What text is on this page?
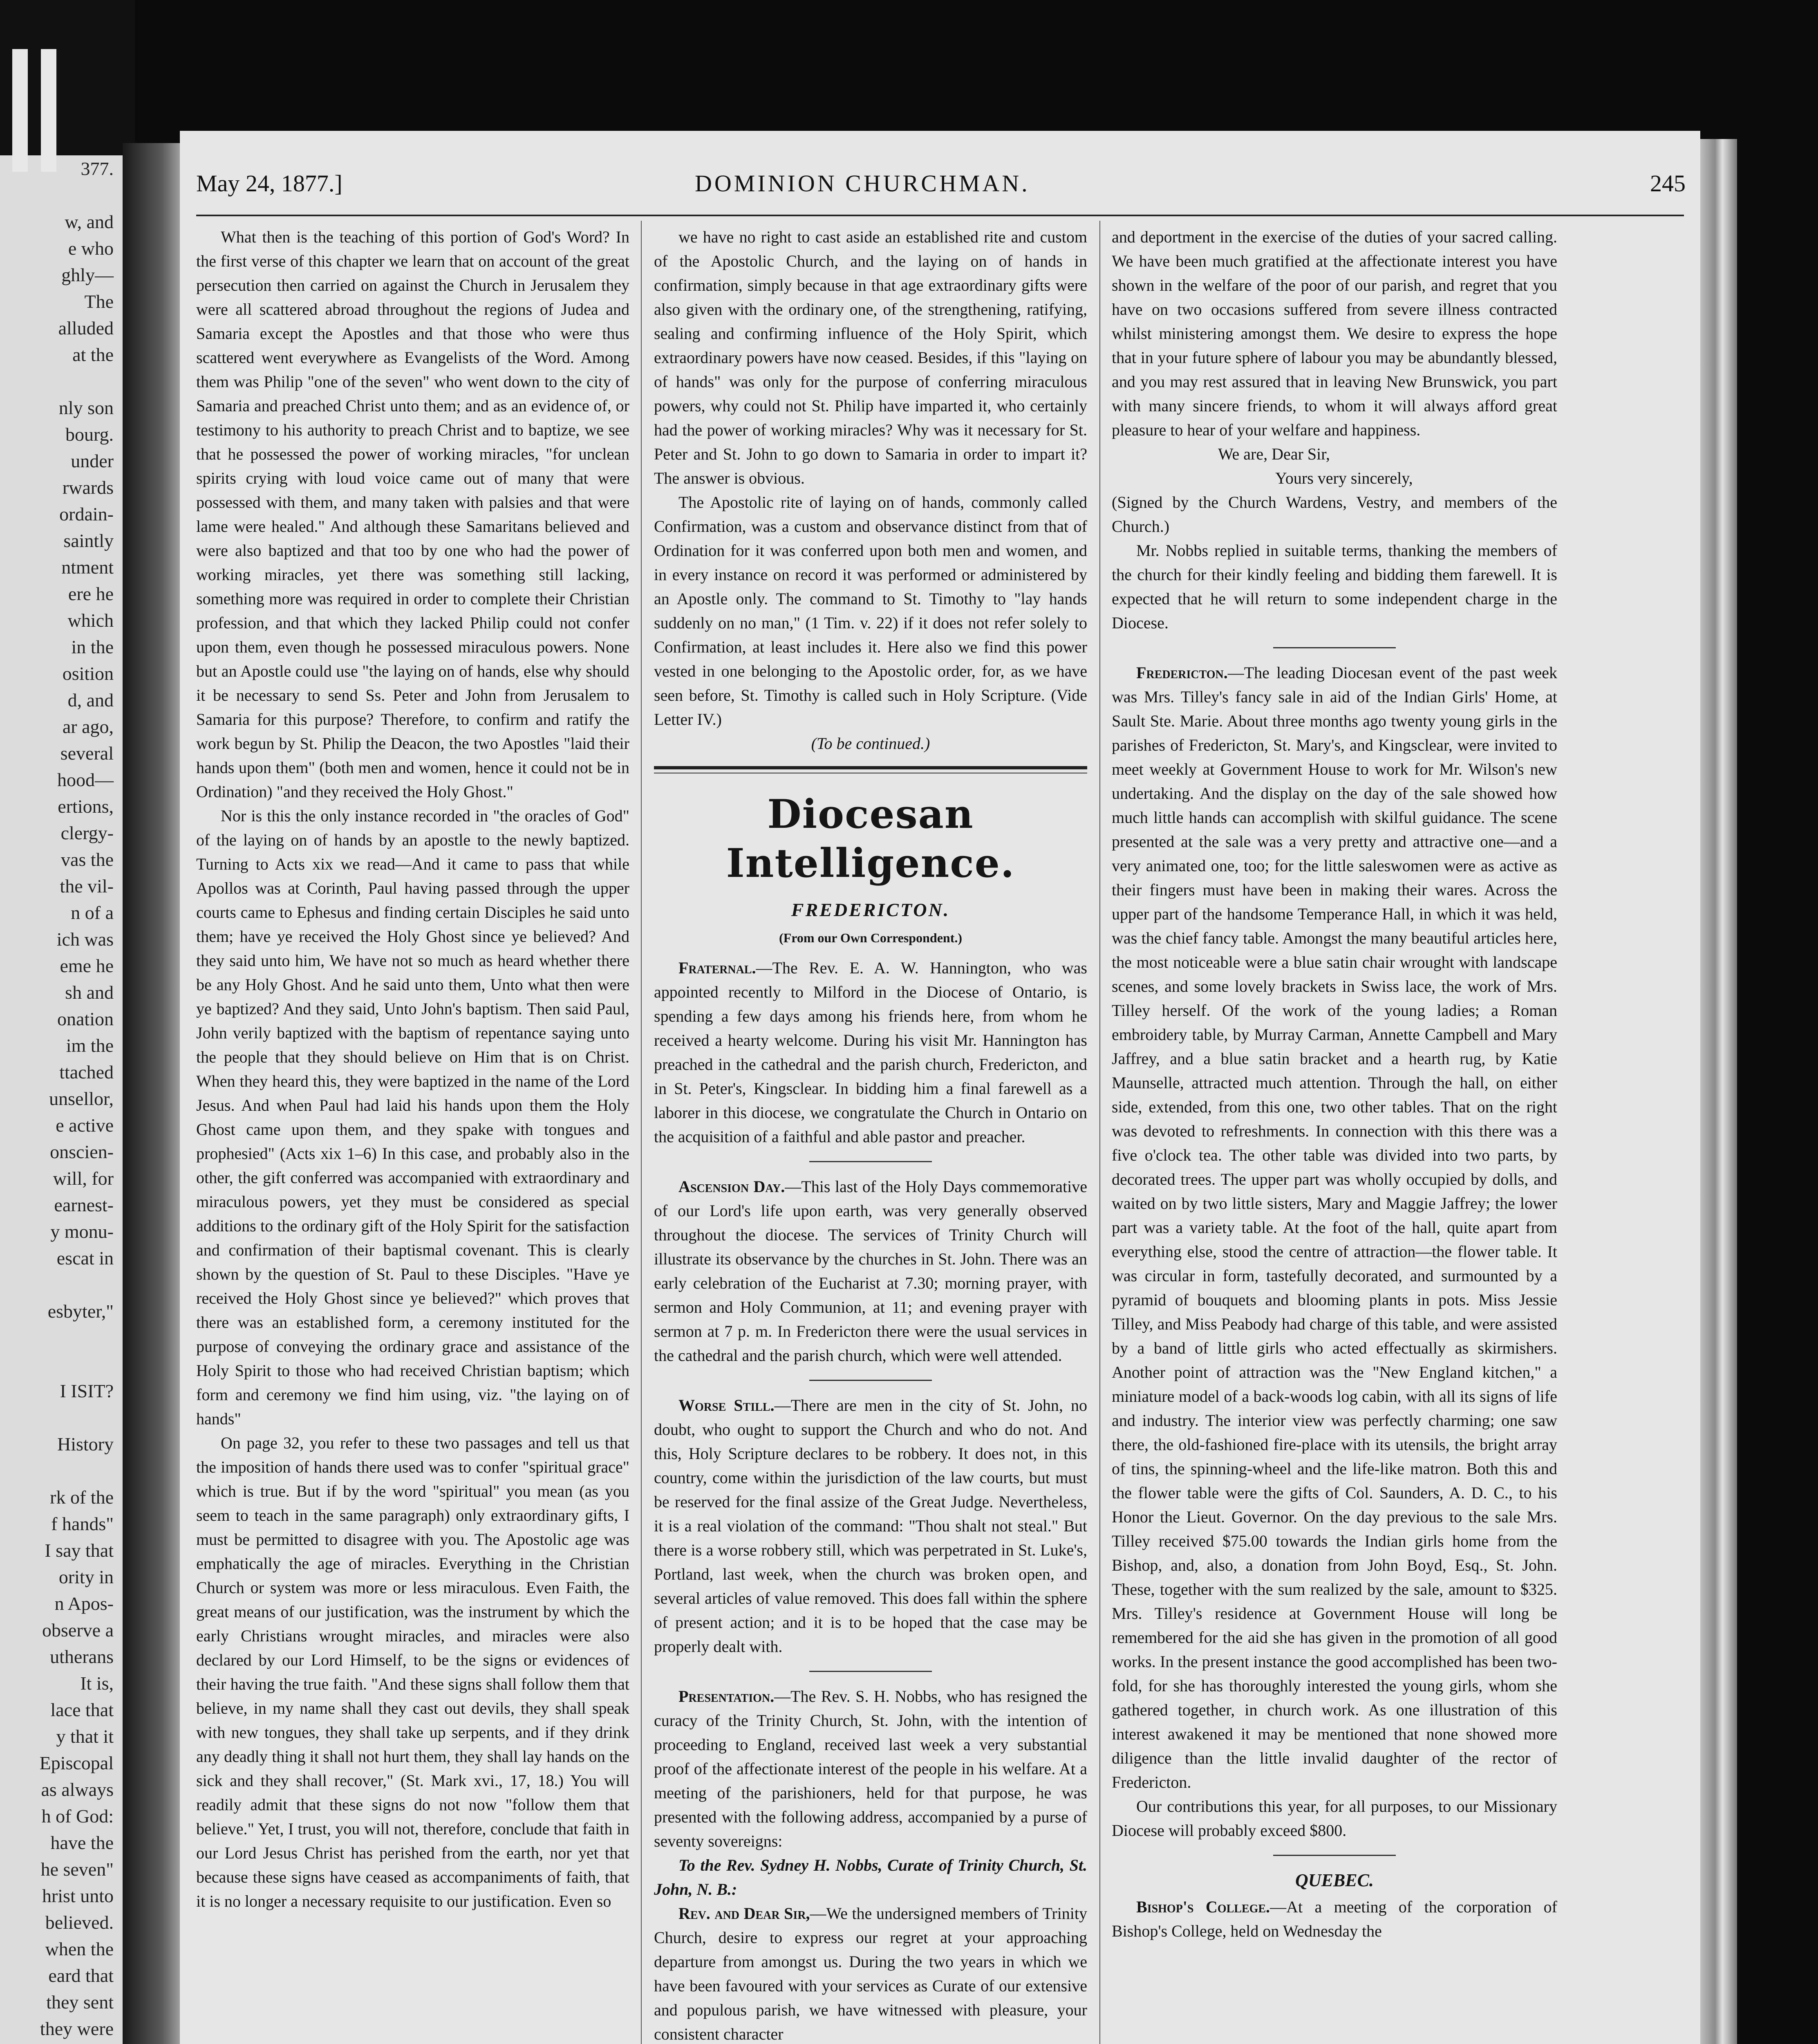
377.
w, and
e who
ghly—
The
alluded
at the
nly son
bourg.
under
rwards
ordain-
saintly
ntment
ere he
which
in the
osition
d, and
ar ago,
several
hood—
ertions,
clergy-
vas the
the vil-
n of a
ich was
eme he
sh and
onation
im the
ttached
unsellor,
e active
onscien-
will, for
earnest-
y monu-
escat in
esbyter,"
I ISIT?
History
rk of the
f hands"
I say that
ority in
n Apos-
observe a
utherans
It is,
lace that
y that it
Episcopal
as always
h of God:
have the
he seven"
hrist unto
believed.
when the
eard that
they sent
they were
May 24, 1877.]	DOMINION CHURCHMAN.	245

What then is the teaching of this portion of God's Word? In the first verse of this chapter we learn that on account of the great persecution then carried on against the Church in Jerusalem they were all scattered abroad throughout the regions of Judea and Samaria except the Apostles and that those who were thus scattered went everywhere as Evangelists of the Word. Among them was Philip "one of the seven" who went down to the city of Samaria and preached Christ unto them; and as an evidence of, or testimony to his authority to preach Christ and to baptize, we see that he possessed the power of working miracles, "for unclean spirits crying with loud voice came out of many that were possessed with them, and many taken with palsies and that were lame were healed." And although these Samaritans believed and were also baptized and that too by one who had the power of working miracles, yet there was something still lacking, something more was required in order to complete their Christian profession, and that which they lacked Philip could not confer upon them, even though he possessed miraculous powers. None but an Apostle could use "the laying on of hands, else why should it be necessary to send Ss. Peter and John from Jerusalem to Samaria for this purpose? Therefore, to confirm and ratify the work begun by St. Philip the Deacon, the two Apostles "laid their hands upon them" (both men and women, hence it could not be in Ordination) "and they received the Holy Ghost."

Nor is this the only instance recorded in "the oracles of God" of the laying on of hands by an apostle to the newly baptized. Turning to Acts xix we read—And it came to pass that while Apollos was at Corinth, Paul having passed through the upper courts came to Ephesus and finding certain Disciples he said unto them; have ye received the Holy Ghost since ye believed? And they said unto him, We have not so much as heard whether there be any Holy Ghost. And he said unto them, Unto what then were ye baptized? And they said, Unto John's baptism. Then said Paul, John verily baptized with the baptism of repentance saying unto the people that they should believe on Him that is on Christ. When they heard this, they were baptized in the name of the Lord Jesus. And when Paul had laid his hands upon them the Holy Ghost came upon them, and they spake with tongues and prophesied" (Acts xix 1–6) In this case, and probably also in the other, the gift conferred was accompanied with extraordinary and miraculous powers, yet they must be considered as special additions to the ordinary gift of the Holy Spirit for the satisfaction and confirmation of their baptismal covenant. This is clearly shown by the question of St. Paul to these Disciples. "Have ye received the Holy Ghost since ye believed?" which proves that there was an established form, a ceremony instituted for the purpose of conveying the ordinary grace and assistance of the Holy Spirit to those who had received Christian baptism; which form and ceremony we find him using, viz. "the laying on of hands"

On page 32, you refer to these two passages and tell us that the imposition of hands there used was to confer "spiritual grace" which is true. But if by the word "spiritual" you mean (as you seem to teach in the same paragraph) only extraordinary gifts, I must be permitted to disagree with you. The Apostolic age was emphatically the age of miracles. Everything in the Christian Church or system was more or less miraculous. Even Faith, the great means of our justification, was the instrument by which the early Christians wrought miracles, and miracles were also declared by our Lord Himself, to be the signs or evidences of their having the true faith. "And these signs shall follow them that believe, in my name shall they cast out devils, they shall speak with new tongues, they shall take up serpents, and if they drink any deadly thing it shall not hurt them, they shall lay hands on the sick and they shall recover," (St. Mark xvi., 17, 18.) You will readily admit that these signs do not now "follow them that believe." Yet, I trust, you will not, therefore, conclude that faith in our Lord Jesus Christ has perished from the earth, nor yet that because these signs have ceased as accompaniments of faith, that it is no longer a necessary requisite to our justification. Even so

we have no right to cast aside an established rite and custom of the Apostolic Church, and the laying on of hands in confirmation, simply because in that age extraordinary gifts were also given with the ordinary one, of the strengthening, ratifying, sealing and confirming influence of the Holy Spirit, which extraordinary powers have now ceased. Besides, if this "laying on of hands" was only for the purpose of conferring miraculous powers, why could not St. Philip have imparted it, who certainly had the power of working miracles? Why was it necessary for St. Peter and St. John to go down to Samaria in order to impart it? The answer is obvious.

The Apostolic rite of laying on of hands, commonly called Confirmation, was a custom and observance distinct from that of Ordination for it was conferred upon both men and women, and in every instance on record it was performed or administered by an Apostle only. The command to St. Timothy to "lay hands suddenly on no man," (1 Tim. v. 22) if it does not refer solely to Confirmation, at least includes it. Here also we find this power vested in one belonging to the Apostolic order, for, as we have seen before, St. Timothy is called such in Holy Scripture. (Vide Letter IV.)

(To be continued.)

Diocesan Intelligence.
FREDERICTON.
(From our Own Correspondent.)

Fraternal.—The Rev. E. A. W. Hannington, who was appointed recently to Milford in the Diocese of Ontario, is spending a few days among his friends here, from whom he received a hearty welcome. During his visit Mr. Hannington has preached in the cathedral and the parish church, Fredericton, and in St. Peter's, Kingsclear. In bidding him a final farewell as a laborer in this diocese, we congratulate the Church in Ontario on the acquisition of a faithful and able pastor and preacher.

Ascension Day.—This last of the Holy Days commemorative of our Lord's life upon earth, was very generally observed throughout the diocese. The services of Trinity Church will illustrate its observance by the churches in St. John. There was an early celebration of the Eucharist at 7.30; morning prayer, with sermon and Holy Communion, at 11; and evening prayer with sermon at 7 p. m. In Fredericton there were the usual services in the cathedral and the parish church, which were well attended.

Worse Still.—There are men in the city of St. John, no doubt, who ought to support the Church and who do not. And this, Holy Scripture declares to be robbery. It does not, in this country, come within the jurisdiction of the law courts, but must be reserved for the final assize of the Great Judge. Nevertheless, it is a real violation of the command: "Thou shalt not steal." But there is a worse robbery still, which was perpetrated in St. Luke's, Portland, last week, when the church was broken open, and several articles of value removed. This does fall within the sphere of present action; and it is to be hoped that the case may be properly dealt with.

Presentation.—The Rev. S. H. Nobbs, who has resigned the curacy of the Trinity Church, St. John, with the intention of proceeding to England, received last week a very substantial proof of the affectionate interest of the people in his welfare. At a meeting of the parishioners, held for that purpose, he was presented with the following address, accompanied by a purse of seventy sovereigns:

To the Rev. Sydney H. Nobbs, Curate of Trinity Church, St. John, N. B.:

Rev. and Dear Sir,—We the undersigned members of Trinity Church, desire to express our regret at your approaching departure from amongst us. During the two years in which we have been favoured with your services as Curate of our extensive and populous parish, we have witnessed with pleasure, your consistent character

and deportment in the exercise of the duties of your sacred calling. We have been much gratified at the affectionate interest you have shown in the welfare of the poor of our parish, and regret that you have on two occasions suffered from severe illness contracted whilst ministering amongst them. We desire to express the hope that in your future sphere of labour you may be abundantly blessed, and you may rest assured that in leaving New Brunswick, you part with many sincere friends, to whom it will always afford great pleasure to hear of your welfare and happiness.

We are, Dear Sir,

Yours very sincerely,

(Signed by the Church Wardens, Vestry, and members of the Church.)

Mr. Nobbs replied in suitable terms, thanking the members of the church for their kindly feeling and bidding them farewell. It is expected that he will return to some independent charge in the Diocese.

Fredericton.—The leading Diocesan event of the past week was Mrs. Tilley's fancy sale in aid of the Indian Girls' Home, at Sault Ste. Marie. About three months ago twenty young girls in the parishes of Fredericton, St. Mary's, and Kingsclear, were invited to meet weekly at Government House to work for Mr. Wilson's new undertaking. And the display on the day of the sale showed how much little hands can accomplish with skilful guidance. The scene presented at the sale was a very pretty and attractive one—and a very animated one, too; for the little saleswomen were as active as their fingers must have been in making their wares. Across the upper part of the handsome Temperance Hall, in which it was held, was the chief fancy table. Amongst the many beautiful articles here, the most noticeable were a blue satin chair wrought with landscape scenes, and some lovely brackets in Swiss lace, the work of Mrs. Tilley herself. Of the work of the young ladies; a Roman embroidery table, by Murray Carman, Annette Campbell and Mary Jaffrey, and a blue satin bracket and a hearth rug, by Katie Maunselle, attracted much attention. Through the hall, on either side, extended, from this one, two other tables. That on the right was devoted to refreshments. In connection with this there was a five o'clock tea. The other table was divided into two parts, by decorated trees. The upper part was wholly occupied by dolls, and waited on by two little sisters, Mary and Maggie Jaffrey; the lower part was a variety table. At the foot of the hall, quite apart from everything else, stood the centre of attraction—the flower table. It was circular in form, tastefully decorated, and surmounted by a pyramid of bouquets and blooming plants in pots. Miss Jessie Tilley, and Miss Peabody had charge of this table, and were assisted by a band of little girls who acted effectually as skirmishers. Another point of attraction was the "New England kitchen," a miniature model of a back-woods log cabin, with all its signs of life and industry. The interior view was perfectly charming; one saw there, the old-fashioned fire-place with its utensils, the bright array of tins, the spinning-wheel and the life-like matron. Both this and the flower table were the gifts of Col. Saunders, A. D. C., to his Honor the Lieut. Governor. On the day previous to the sale Mrs. Tilley received $75.00 towards the Indian girls home from the Bishop, and, also, a donation from John Boyd, Esq., St. John. These, together with the sum realized by the sale, amount to $325. Mrs. Tilley's residence at Government House will long be remembered for the aid she has given in the promotion of all good works. In the present instance the good accomplished has been two-fold, for she has thoroughly interested the young girls, whom she gathered together, in church work. As one illustration of this interest awakened it may be mentioned that none showed more diligence than the little invalid daughter of the rector of Fredericton.

Our contributions this year, for all purposes, to our Missionary Diocese will probably exceed $800.

QUEBEC.

Bishop's College.—At a meeting of the corporation of Bishop's College, held on Wednesday the
